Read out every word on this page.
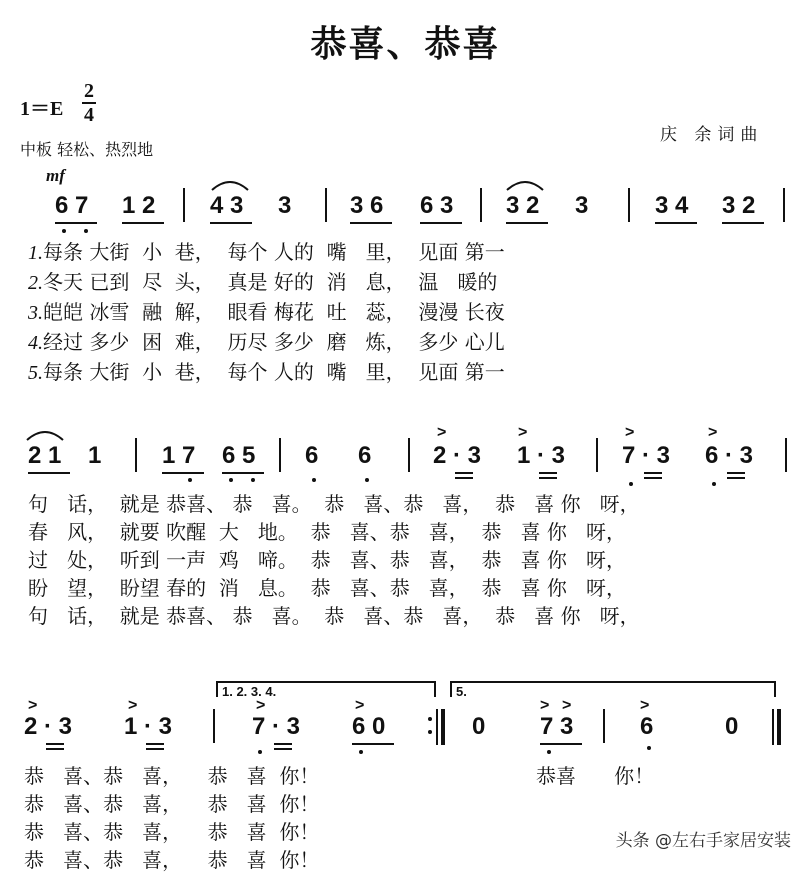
恭喜、恭喜
1＝E
2
4
中板 轻松、热烈地
庆 余词曲
mf
6 7 1 2 4 3 3 3 6 6 3 3 2 3	3 4 3 2
1.每条 大街  小  巷，  每个 人的  嘴   里，  见面 第一
2.冬天 已到  尽  头，  真是 好的  消   息，  温   暖的
3.皑皑 冰雪  融  解，  眼看 梅花  吐   蕊，  漫漫 长夜
4.经过 多少  困  难，  历尽 多少  磨   炼，  多少 心儿
5.每条 大街  小  巷，  每个 人的  嘴   里，  见面 第一
>	>	>	>
2 1 1	1 7 6 5 6 6	2 · 3 1 · 3 7 · 3 6 · 3
句   话，  就是 恭喜、 恭   喜。  恭   喜、恭   喜，  恭   喜 你   呀，
春   风，  就要 吹醒  大   地。  恭   喜、恭   喜，  恭   喜 你   呀，
过   处，  听到 一声  鸡   啼。  恭   喜、恭   喜，  恭   喜 你   呀，
盼   望，  盼望 春的  消   息。  恭   喜、恭   喜，  恭   喜 你   呀，
句   话，  就是 恭喜、 恭   喜。  恭   喜、恭   喜，  恭   喜 你   呀，
1. 2. 3. 4.	5.
>	>	>	>	> >	>
2 · 3 1 · 3	7 · 3 6 0	0 7 3	6	0
恭   喜、恭   喜，    恭   喜  你！
恭   喜、恭   喜，    恭   喜  你！
恭   喜、恭   喜，    恭   喜  你！
恭   喜、恭   喜，    恭   喜  你！
恭喜      你！
头条 @左右手家居安装
